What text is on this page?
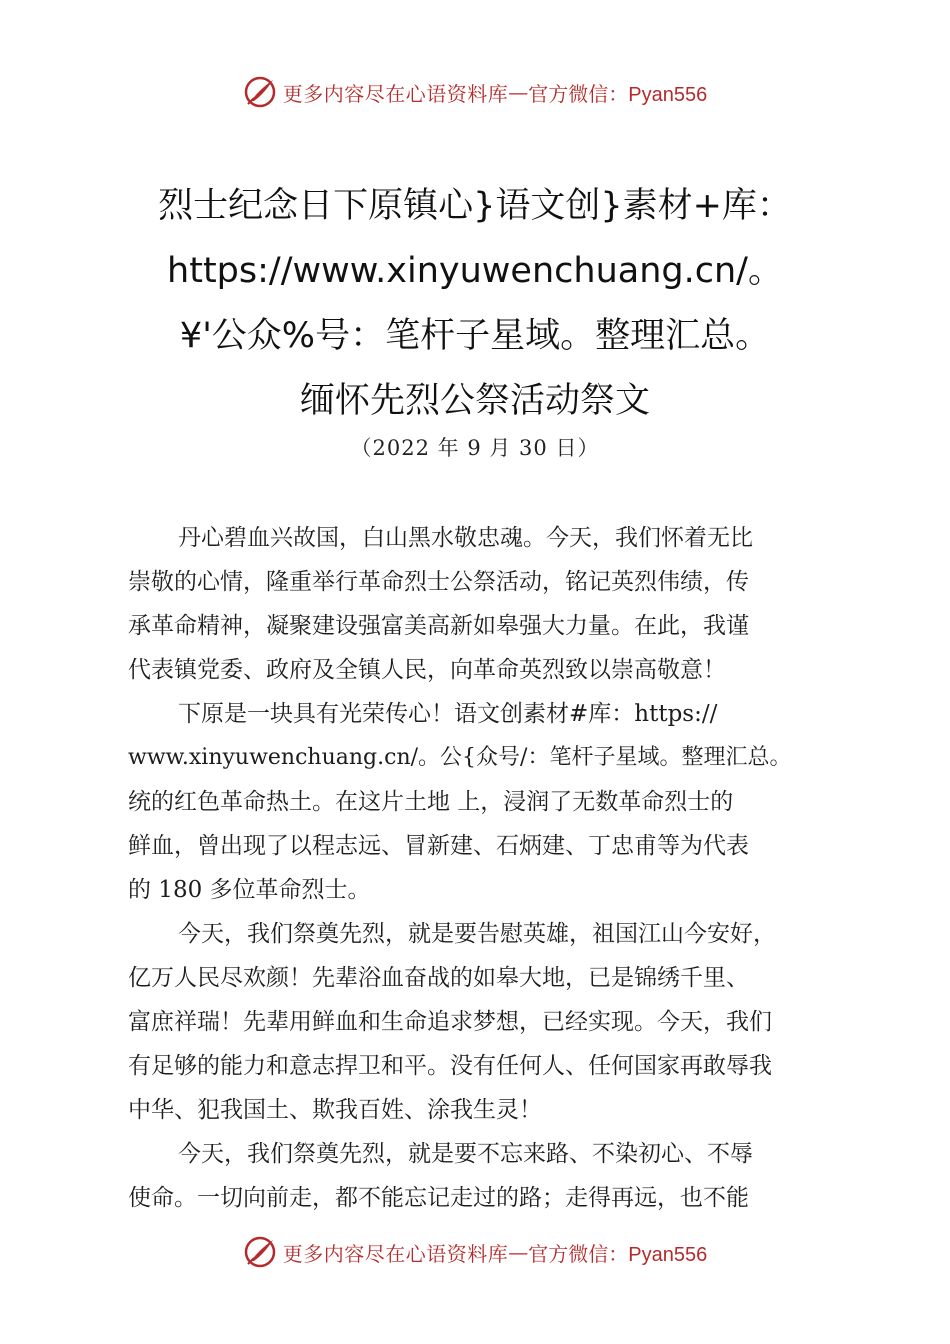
更多内容尽在心语资料库 — 官方微信：Pyan556
烈士纪念日下原镇心}语文创}素材+库：
https://www.xinyuwenchuang.cn/。
¥'公众%号：笔杆子星域。整理汇总。
缅怀先烈公祭活动祭文
（2022 年 9 月 30 日）
丹心碧血兴故国，白山黑水敬忠魂。今天，我们怀着无比
崇敬的心情，隆重举行革命烈士公祭活动，铭记英烈伟绩，传
承革命精神，凝聚建设强富美高新如皋强大力量。在此，我谨
代表镇党委、政府及全镇人民，向革命英烈致以崇高敬意！
下原是一块具有光荣传心！语文创素材#库：https://
www.xinyuwenchuang.cn/。公{众号/：笔杆子星域。整理汇总。
统的红色革命热土。在这片土地 上，浸润了无数革命烈士的
鲜血，曾出现了以程志远、冒新建、石炳建、丁忠甫等为代表
的 180 多位革命烈士。
今天，我们祭奠先烈，就是要告慰英雄，祖国江山今安好，
亿万人民尽欢颜！先辈浴血奋战的如皋大地，已是锦绣千里、
富庶祥瑞！先辈用鲜血和生命追求梦想，已经实现。今天，我们
有足够的能力和意志捍卫和平。没有任何人、任何国家再敢辱我
中华、犯我国土、欺我百姓、涂我生灵！
今天，我们祭奠先烈，就是要不忘来路、不染初心、不辱
使命。一切向前走，都不能忘记走过的路；走得再远，也不能
更多内容尽在心语资料库 — 官方微信：Pyan556
